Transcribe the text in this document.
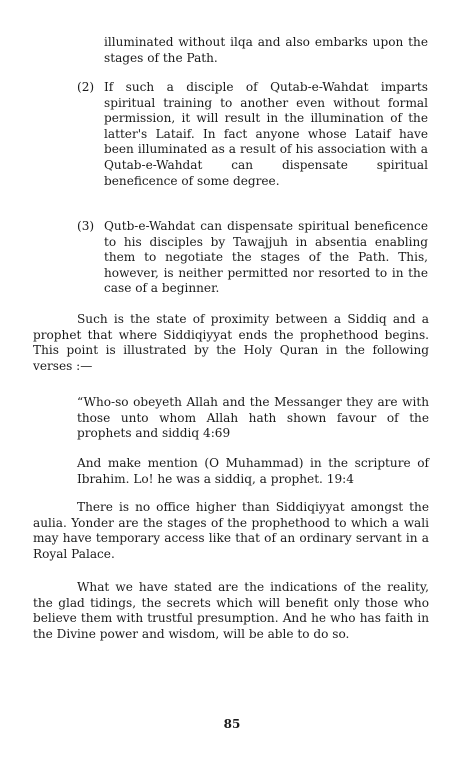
illuminated without ilqa and also embarks upon the stages of the Path.

(2) If such a disciple of Qutab-e-Wahdat imparts spiritual training to another even without formal permission, it will result in the illumination of the latter's Lataif. In fact anyone whose Lataif have been illuminated as a result of his association with a Qutab-e-Wahdat can dispensate spiritual beneficence of some degree.

(3) Qutb-e-Wahdat can dispensate spiritual beneficence to his disciples by Tawajjuh in absentia enabling them to negotiate the stages of the Path. This, however, is neither permitted nor resorted to in the case of a beginner.

Such is the state of proximity between a Siddiq and a prophet that where Siddiqiyyat ends the prophethood begins. This point is illustrated by the Holy Quran in the following verses :—

“Who-so obeyeth Allah and the Messanger they are with those unto whom Allah hath shown favour of the prophets and siddiq 4:69

And make mention (O Muhammad) in the scripture of Ibrahim. Lo! he was a siddiq, a prophet. 19:4

There is no office higher than Siddiqiyyat amongst the aulia. Yonder are the stages of the prophethood to which a wali may have temporary access like that of an ordinary servant in a Royal Palace.

What we have stated are the indications of the reality, the glad tidings, the secrets which will benefit only those who believe them with trustful presumption. And he who has faith in the Divine power and wisdom, will be able to do so.

85
